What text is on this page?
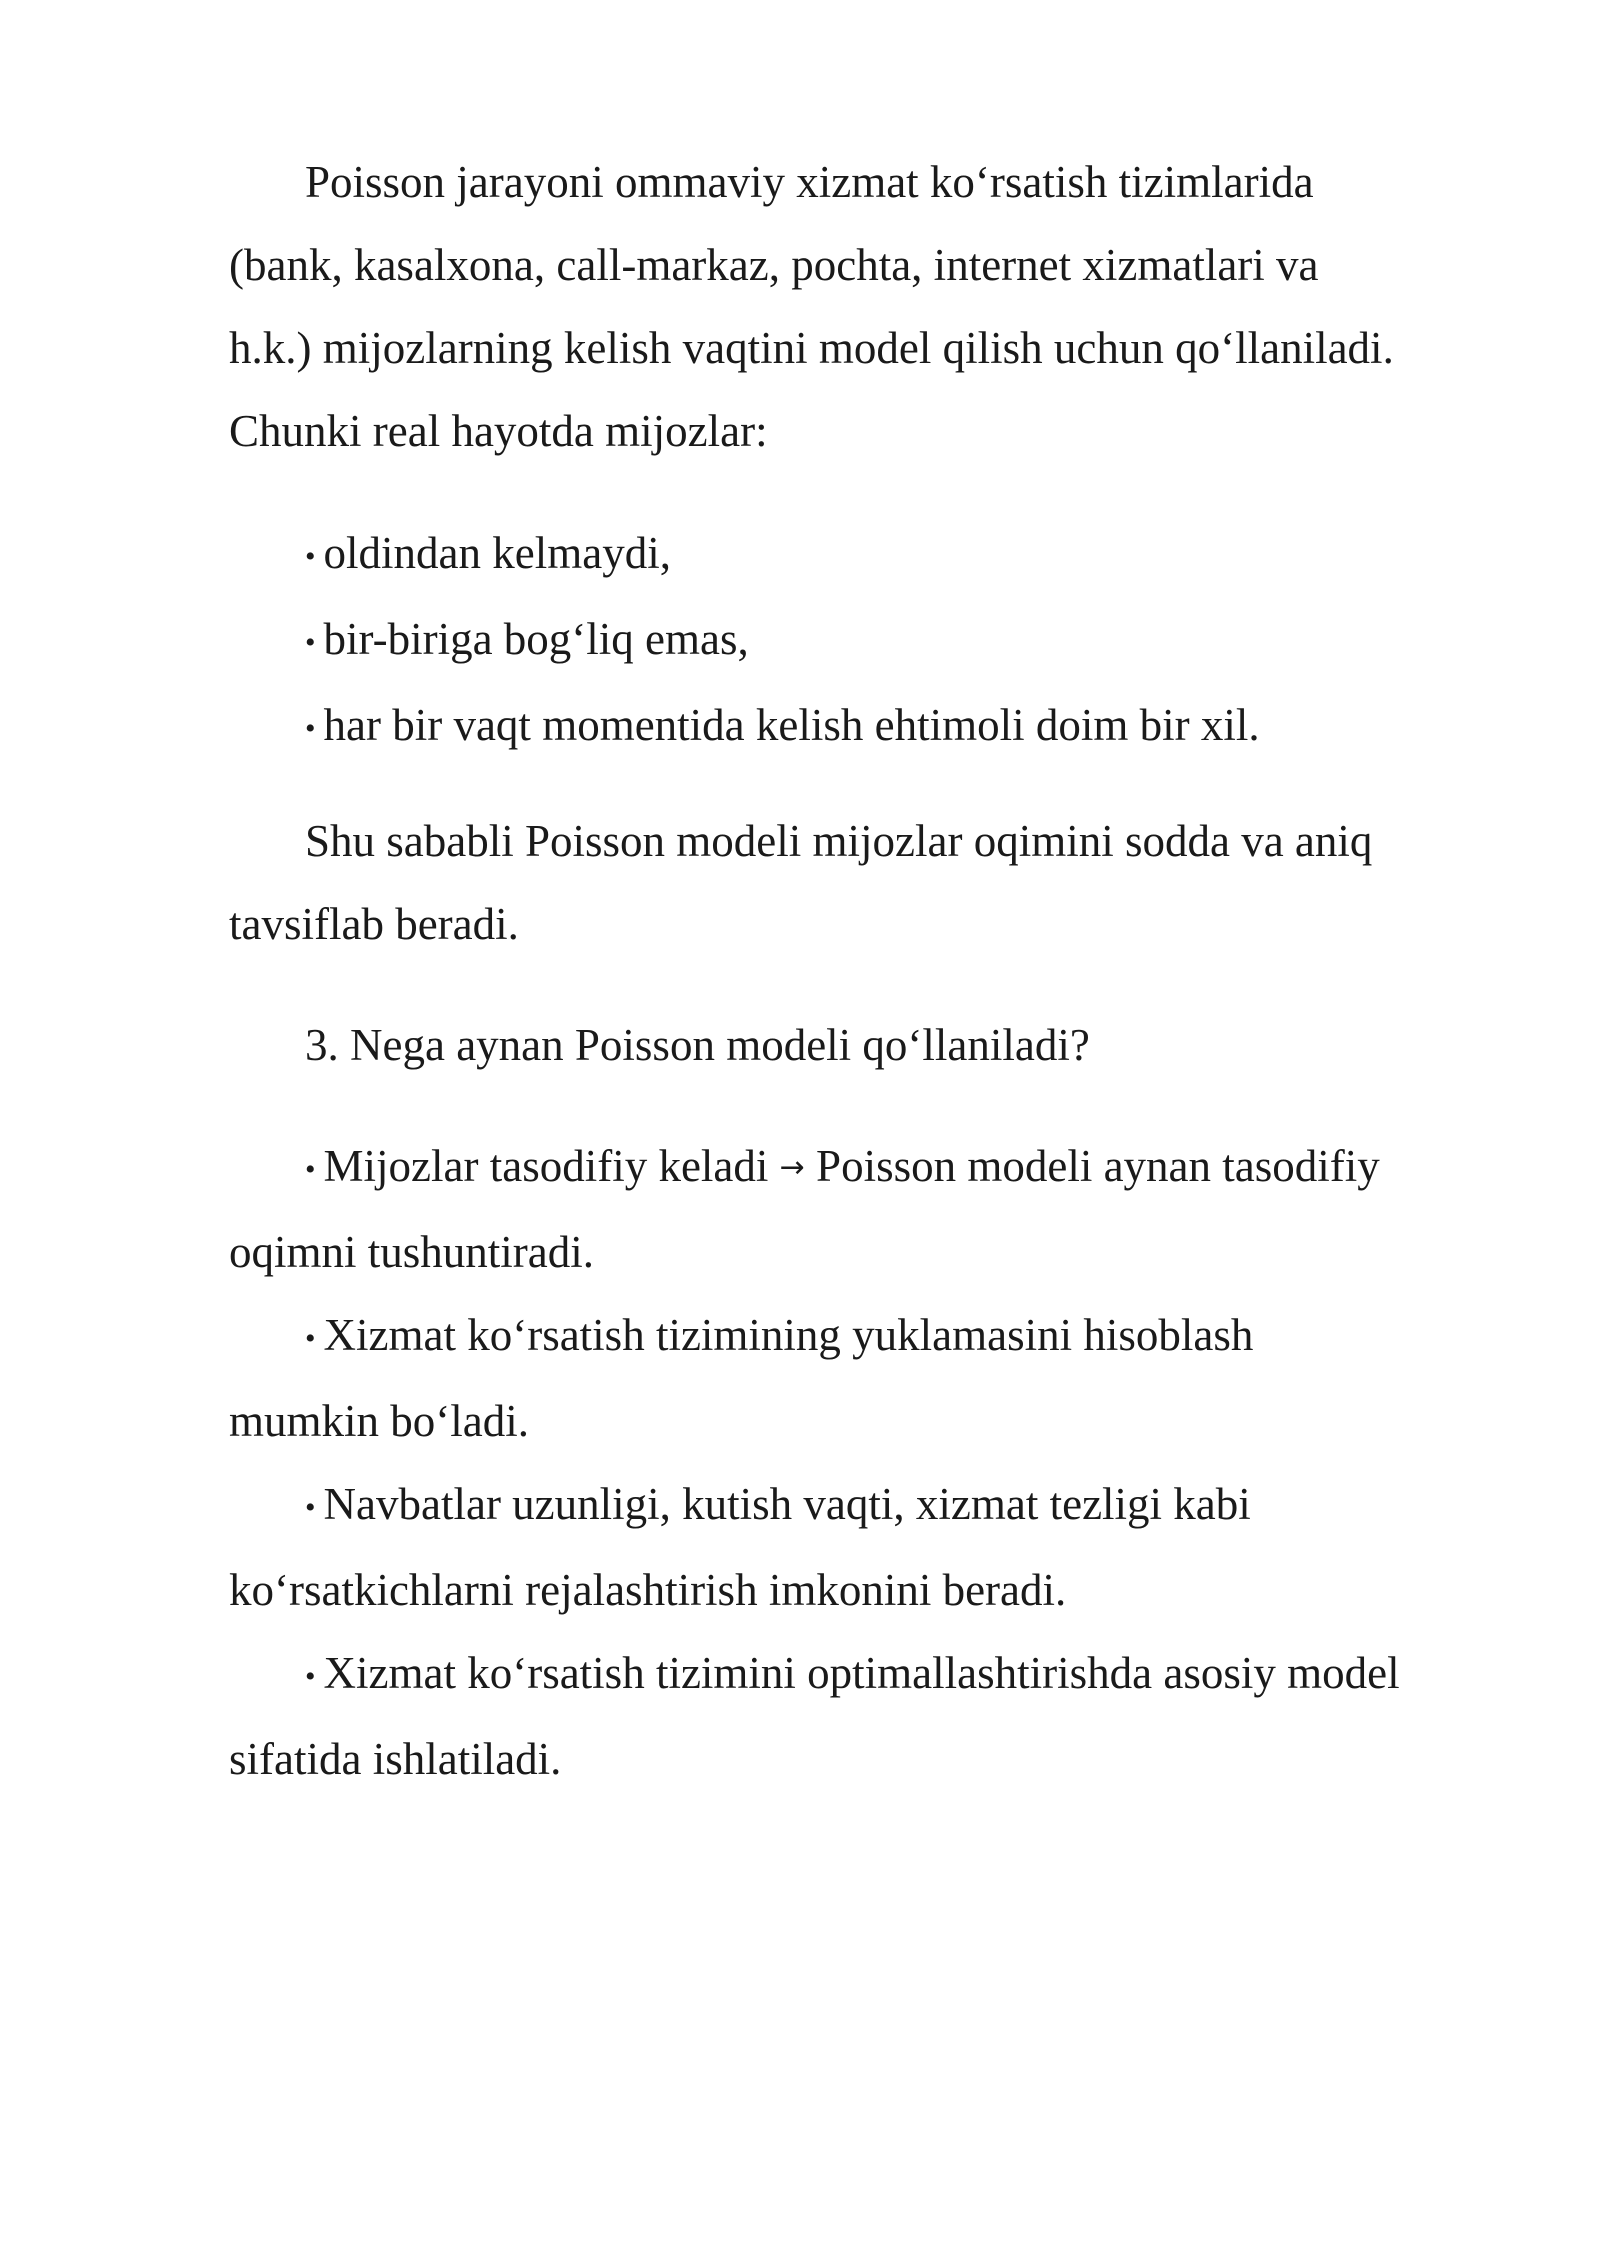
Poisson jarayoni ommaviy xizmat ko‘rsatish tizimlarida

(bank, kasalxona, call-markaz, pochta, internet xizmatlari va

h.k.) mijozlarning kelish vaqtini model qilish uchun qo‘llaniladi.

Chunki real hayotda mijozlar:

• oldindan kelmaydi,

• bir-biriga bog‘liq emas,

• har bir vaqt momentida kelish ehtimoli doim bir xil.

Shu sababli Poisson modeli mijozlar oqimini sodda va aniq

tavsiflab beradi.

3. Nega aynan Poisson modeli qo‘llaniladi?

• Mijozlar tasodifiy keladi → Poisson modeli aynan tasodifiy

oqimni tushuntiradi.

• Xizmat ko‘rsatish tizimining yuklamasini hisoblash

mumkin bo‘ladi.

• Navbatlar uzunligi, kutish vaqti, xizmat tezligi kabi

ko‘rsatkichlarni rejalashtirish imkonini beradi.

• Xizmat ko‘rsatish tizimini optimallashtirishda asosiy model

sifatida ishlatiladi.
